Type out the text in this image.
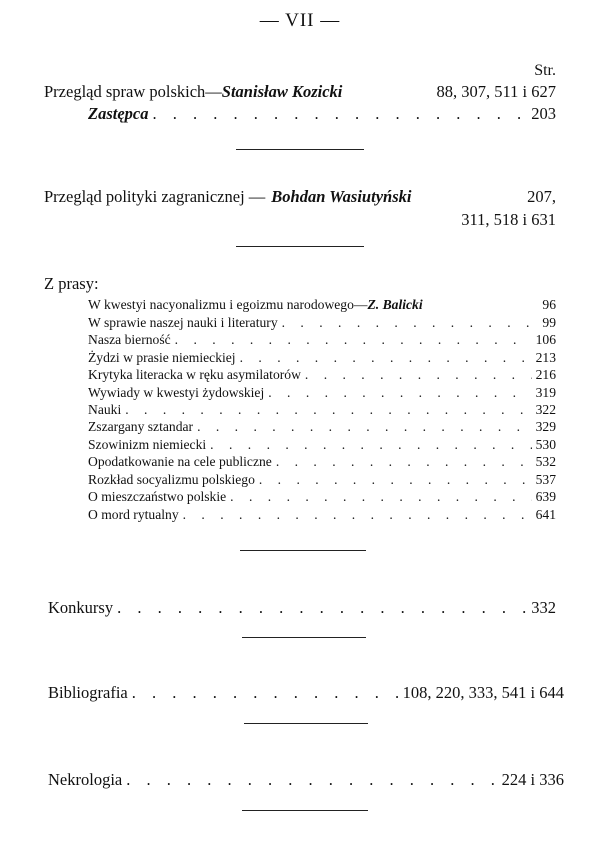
— VII —
Str.
Przegląd spraw polskich— Stanisław Kozicki	88, 307, 511 i 627
Zastępca . . .	203
Przegląd polityki zagranicznej — Bohdan Wasiutyński	207,
311, 518 i 631
Z prasy:
W kwestyi nacyonalizmu i egoizmu narodowego— Z. Balicki	96
W sprawie naszej nauki i literatury . . .	99
Nasza bierność . . .	106
Żydzi w prasie niemieckiej . . .	213
Krytyka literacka w ręku asymilatorów . . .	216
Wywiady w kwestyi żydowskiej . . .	319
Nauki . . .	322
Zszargany sztandar . . .	329
Szowinizm niemiecki . . .	530
Opodatkowanie na cele publiczne . . .	532
Rozkład socyalizmu polskiego . . .	537
O mieszczaństwo polskie . . .	639
O mord rytualny . . .	641
Konkursy . . .	332
Bibliografia . . .	108, 220, 333, 541 i 644
Nekrologia . . .	224 i 336
